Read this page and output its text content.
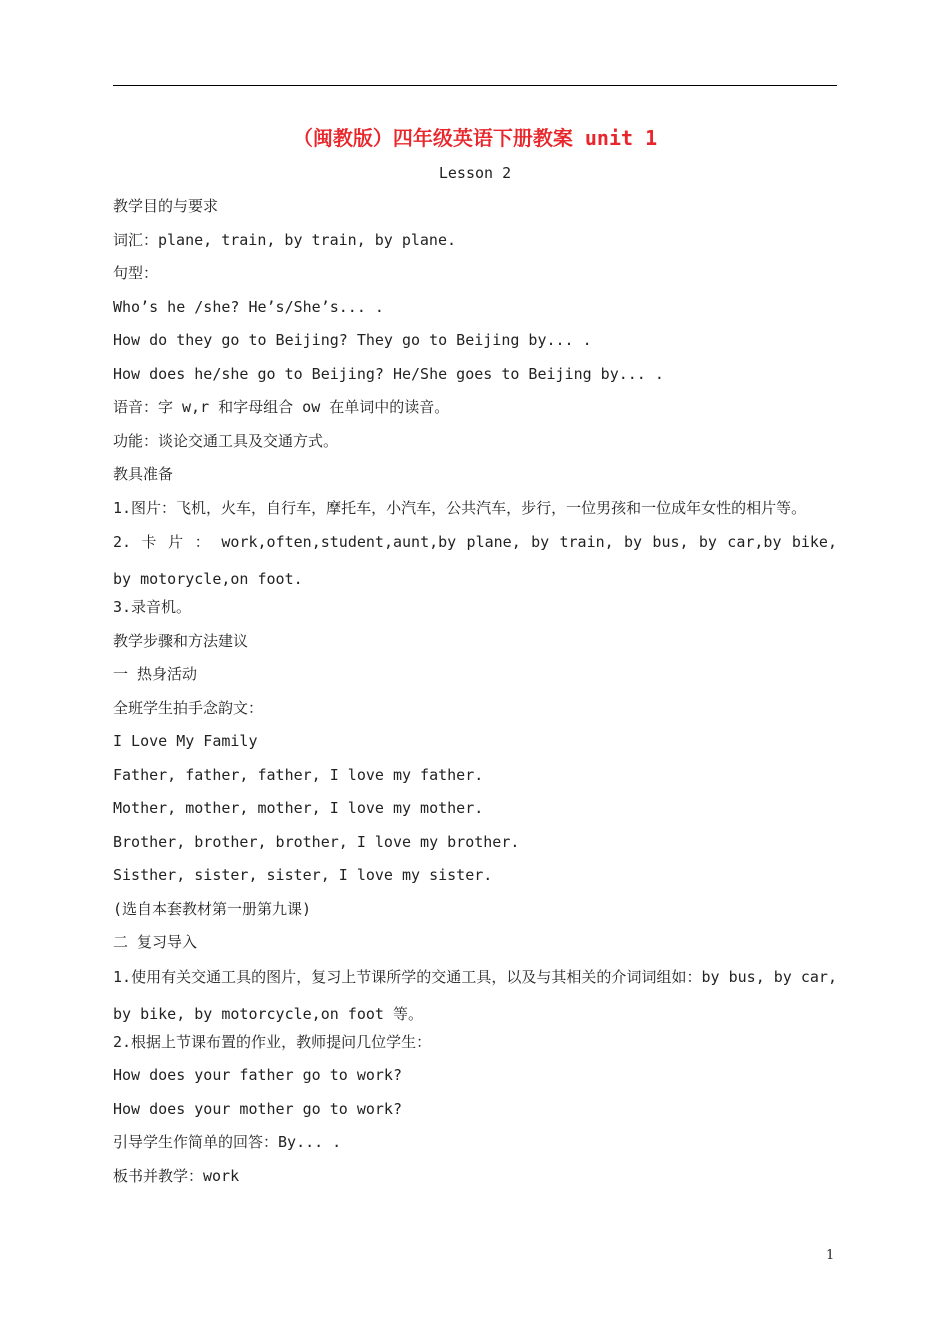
（闽教版）四年级英语下册教案 unit 1
Lesson 2
教学目的与要求
词汇：plane, train, by train, by plane.
句型：
Who’s he /she? He’s/She’s... .
How do they go to Beijing? They go to Beijing by... .
How does he/she go to Beijing? He/She goes to Beijing by... .
语音：字 w,r 和字母组合 ow 在单词中的读音。
功能：谈论交通工具及交通方式。
教具准备
1.图片：飞机，火车，自行车，摩托车，小汽车，公共汽车，步行，一位男孩和一位成年女性的相片等。
2. 卡 片 ： work,often,student,aunt,by plane, by train, by bus, by car,by bike, by motorycle,on foot.
3.录音机。
教学步骤和方法建议
一 热身活动
全班学生拍手念韵文：
I Love My Family
Father, father, father, I love my father.
Mother, mother, mother, I love my mother.
Brother, brother, brother, I love my brother.
Sisther, sister, sister, I love my sister.
(选自本套教材第一册第九课)
二 复习导入
1.使用有关交通工具的图片，复习上节课所学的交通工具，以及与其相关的介词词组如：by bus, by car, by bike, by motorcycle,on foot 等。
2.根据上节课布置的作业，教师提问几位学生：
How does your father go to work?
How does your mother go to work?
引导学生作简单的回答：By... .
板书并教学：work
1
